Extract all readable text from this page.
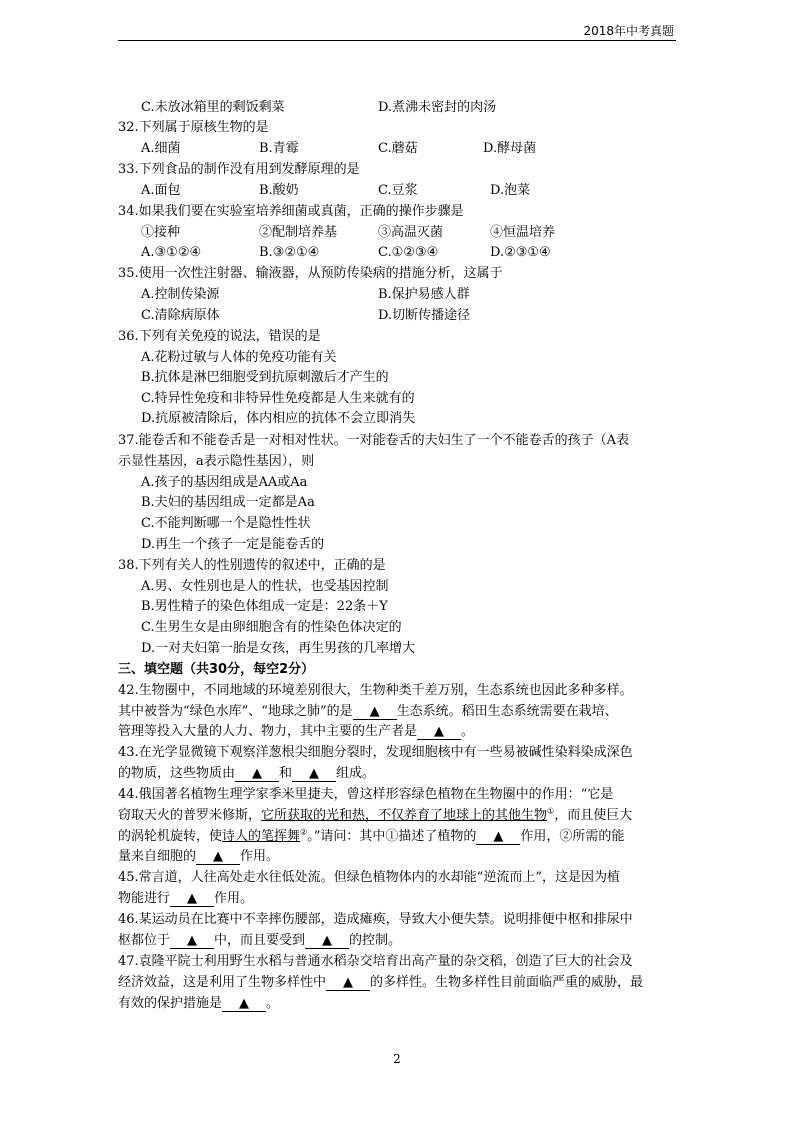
2018年中考真题
C.未放冰箱里的剩饭剩菜	D.煮沸未密封的肉汤
32.下列属于原核生物的是
A.细菌	B.青霉	C.蘑菇	D.酵母菌
33.下列食品的制作没有用到发酵原理的是
A.面包	B.酸奶	C.豆浆	D.泡菜
34.如果我们要在实验室培养细菌或真菌，正确的操作步骤是
①接种	②配制培养基	③高温灭菌	④恒温培养
A.③①②④	B.③②①④	C.①②③④	D.②③①④
35.使用一次性注射器、输液器，从预防传染病的措施分析，这属于
A.控制传染源	B.保护易感人群
C.清除病原体	D.切断传播途径
36.下列有关免疫的说法，错误的是
A.花粉过敏与人体的免疫功能有关
B.抗体是淋巴细胞受到抗原刺激后才产生的
C.特异性免疫和非特异性免疫都是人生来就有的
D.抗原被清除后，体内相应的抗体不会立即消失
37.能卷舌和不能卷舌是一对相对性状。一对能卷舌的夫妇生了一个不能卷舌的孩子（A表
示显性基因，a表示隐性基因），则
A.孩子的基因组成是AA或Aa
B.夫妇的基因组成一定都是Aa
C.不能判断哪一个是隐性性状
D.再生一个孩子一定是能卷舌的
38.下列有关人的性别遗传的叙述中，正确的是
A.男、女性别也是人的性状，也受基因控制
B.男性精子的染色体组成一定是：22条＋Y
C.生男生女是由卵细胞含有的性染色体决定的
D.一对夫妇第一胎是女孩，再生男孩的几率增大
三、填空题（共30分，每空2分）
42.生物圈中，不同地域的环境差别很大，生物种类千差万别，生态系统也因此多种多样。
其中被誉为“绿色水库”、“地球之肺”的是 ▲ 生态系统。稻田生态系统需要在栽培、
管理等投入大量的人力、物力，其中主要的生产者是 ▲ 。
43.在光学显微镜下观察洋葱根尖细胞分裂时，发现细胞核中有一些易被碱性染料染成深色
的物质，这些物质由 ▲ 和 ▲ 组成。
44.俄国著名植物生理学家季米里捷夫，曾这样形容绿色植物在生物圈中的作用：“它是
窃取天火的普罗米修斯，它所获取的光和热，不仅养育了地球上的其他生物①，而且使巨大
的涡轮机旋转，使诗人的笔挥舞②。”请问：其中①描述了植物的 ▲ 作用，②所需的能
量来自细胞的 ▲ 作用。
45.常言道，人往高处走水往低处流。但绿色植物体内的水却能“逆流而上”，这是因为植
物能进行 ▲ 作用。
46.某运动员在比赛中不幸摔伤腰部，造成瘫痪，导致大小便失禁。说明排便中枢和排尿中
枢都位于 ▲ 中，而且要受到 ▲ 的控制。
47.袁隆平院士利用野生水稻与普通水稻杂交培育出高产量的杂交稻，创造了巨大的社会及
经济效益，这是利用了生物多样性中 ▲ 的多样性。生物多样性目前面临严重的威胁，最
有效的保护措施是 ▲ 。
2
